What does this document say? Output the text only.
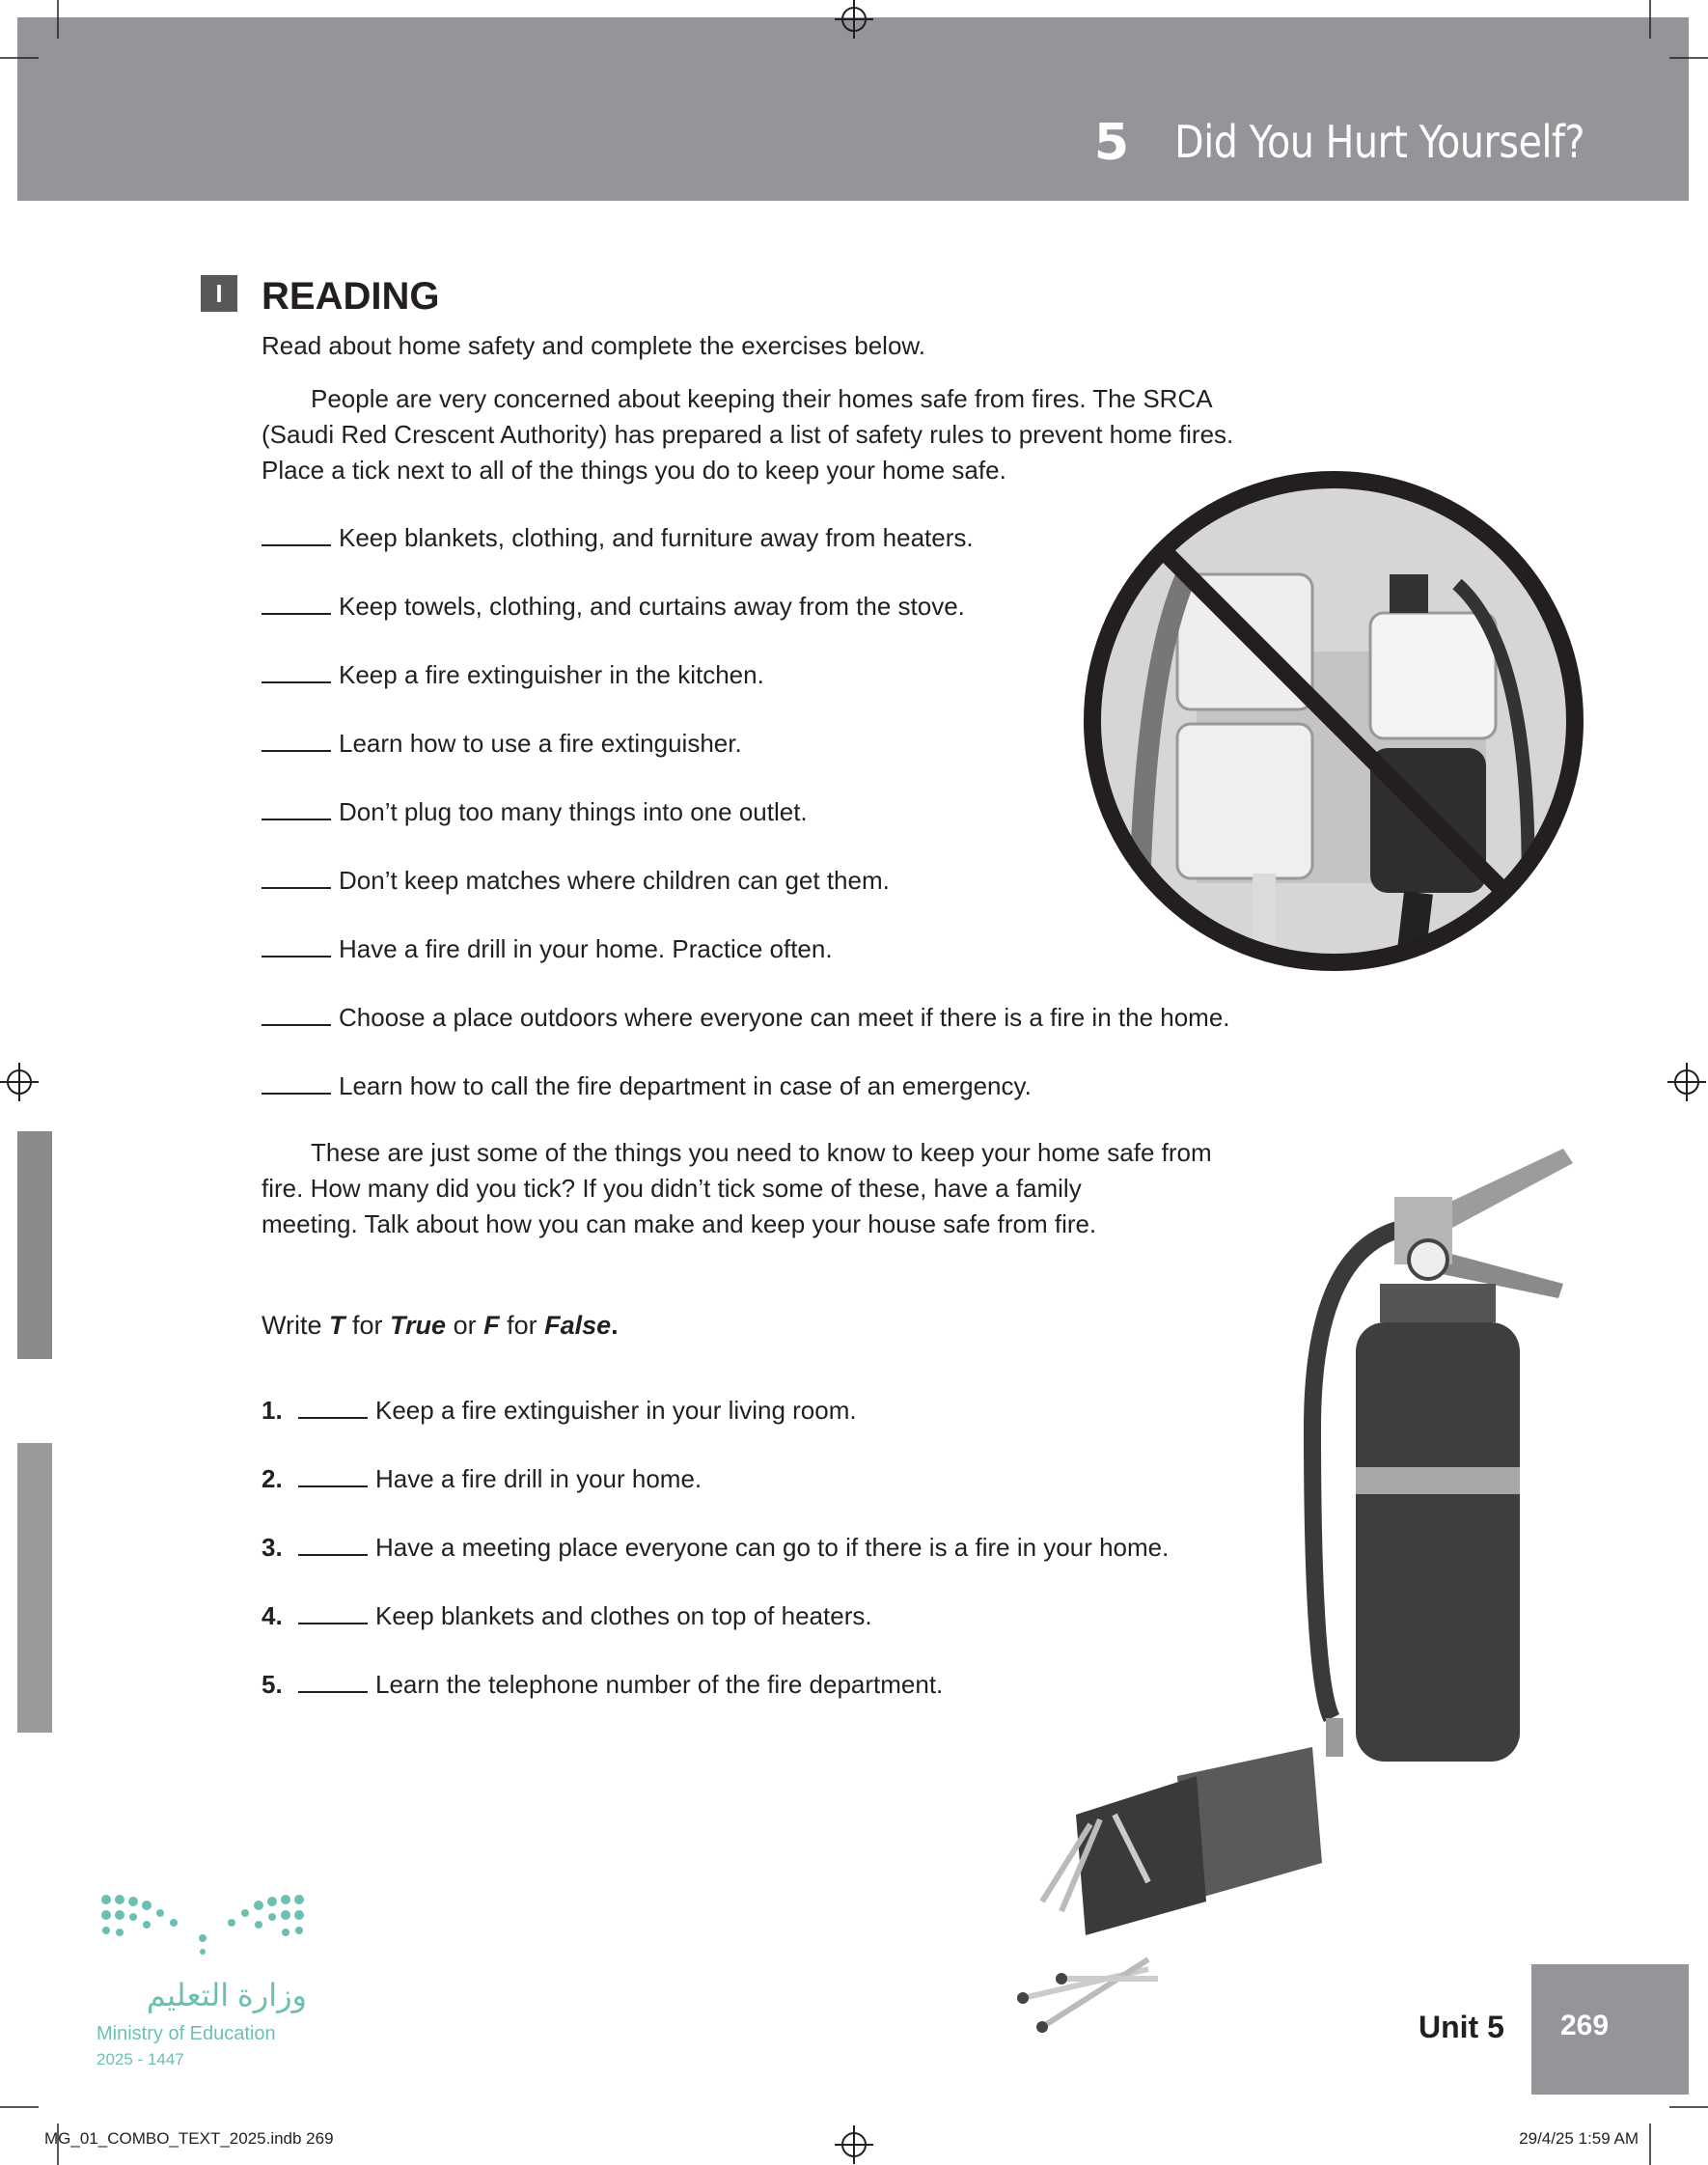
5 Did You Hurt Yourself?
I	READING
Read about home safety and complete the exercises below.
People are very concerned about keeping their homes safe from fires. The SRCA
(Saudi Red Crescent Authority) has prepared a list of safety rules to prevent home fires.
Place a tick next to all of the things you do to keep your home safe.
Keep blankets, clothing, and furniture away from heaters.
Keep towels, clothing, and curtains away from the stove.
Keep a fire extinguisher in the kitchen.
Learn how to use a fire extinguisher.
Don’t plug too many things into one outlet.
Don’t keep matches where children can get them.
Have a fire drill in your home. Practice often.
Choose a place outdoors where everyone can meet if there is a fire in the home.
Learn how to call the fire department in case of an emergency.
These are just some of the things you need to know to keep your home safe from
fire. How many did you tick? If you didn’t tick some of these, have a family
meeting. Talk about how you can make and keep your house safe from fire.
Write T for True or F for False.
1.	Keep a fire extinguisher in your living room.
2.	Have a fire drill in your home.
3.	Have a meeting place everyone can go to if there is a fire in your home.
4.	Keep blankets and clothes on top of heaters.
5.	Learn the telephone number of the fire department.
وزارة التعليم
Ministry of Education
2025 - 1447
Unit 5	269
MG_01_COMBO_TEXT_2025.indb 269	29/4/25 1:59 AM
